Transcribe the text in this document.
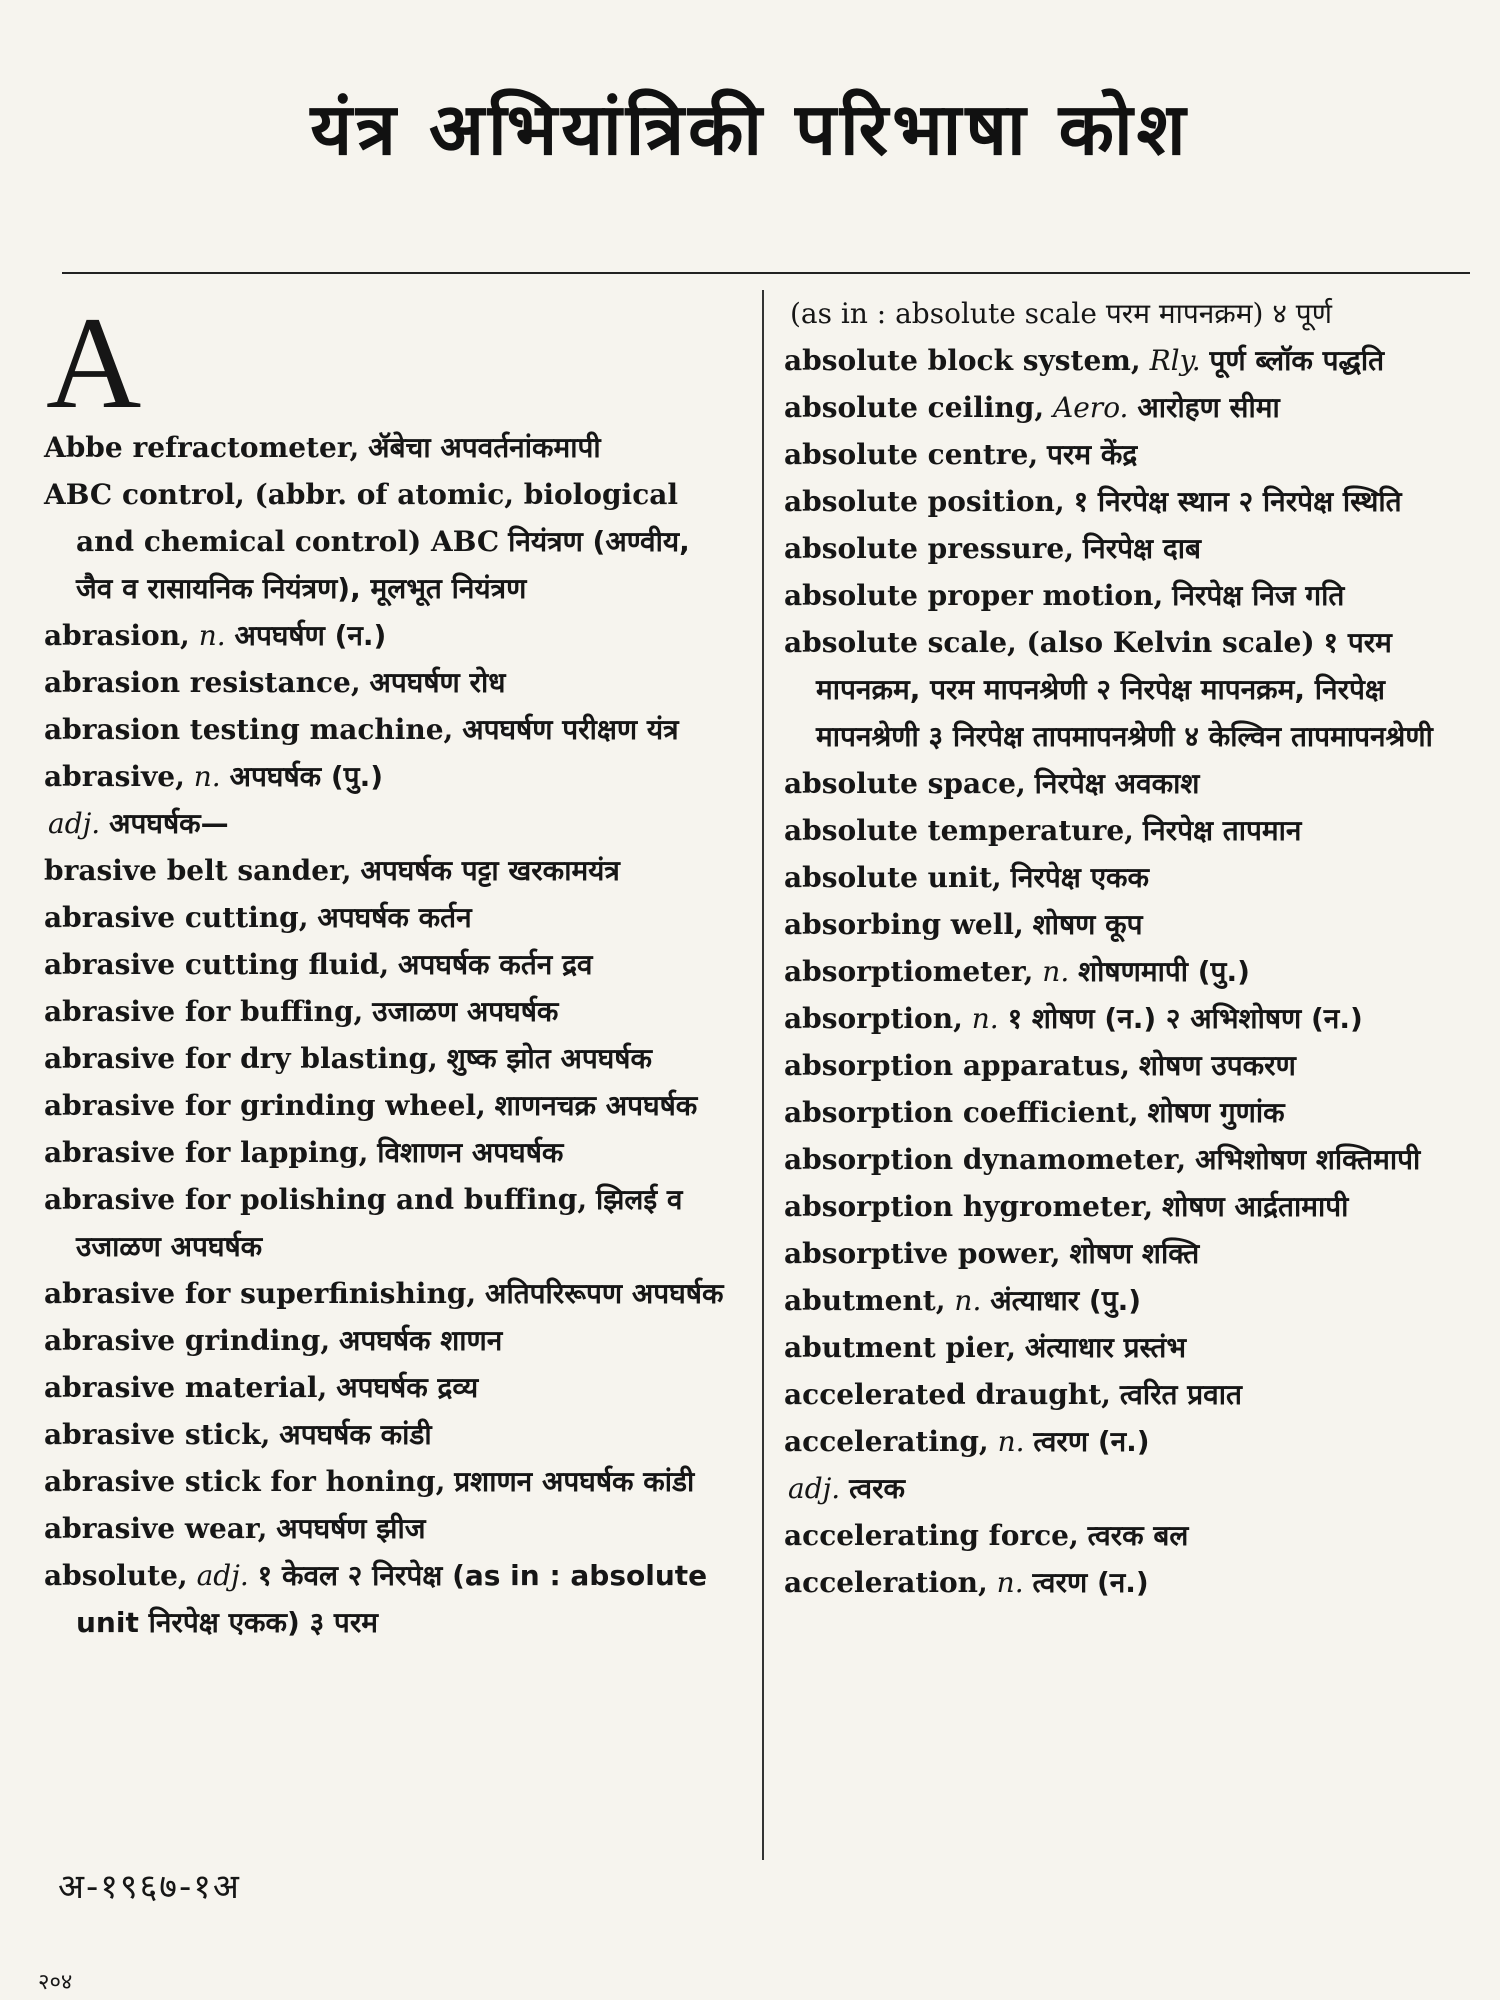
यंत्र अभियांत्रिकी परिभाषा कोश
A
Abbe refractometer, ॲबेचा अपवर्तनांकमापी
ABC control, (abbr. of atomic, biological and chemical control) ABC नियंत्रण (अण्वीय, जैव व रासायनिक नियंत्रण), मूलभूत नियंत्रण
abrasion, n. अपघर्षण (न.)
abrasion resistance, अपघर्षण रोध
abrasion testing machine, अपघर्षण परीक्षण यंत्र
abrasive, n. अपघर्षक (पु.)
adj. अपघर्षक—
brasive belt sander, अपघर्षक पट्टा खरकामयंत्र
abrasive cutting, अपघर्षक कर्तन
abrasive cutting fluid, अपघर्षक कर्तन द्रव
abrasive for buffing, उजाळण अपघर्षक
abrasive for dry blasting, शुष्क झोत अपघर्षक
abrasive for grinding wheel, शाणनचक्र अपघर्षक
abrasive for lapping, विशाणन अपघर्षक
abrasive for polishing and buffing, झिलई व उजाळण अपघर्षक
abrasive for superfinishing, अतिपरिरूपण अपघर्षक
abrasive grinding, अपघर्षक शाणन
abrasive material, अपघर्षक द्रव्य
abrasive stick, अपघर्षक कांडी
abrasive stick for honing, प्रशाणन अपघर्षक कांडी
abrasive wear, अपघर्षण झीज
absolute, adj. १ केवल २ निरपेक्ष (as in : absolute unit निरपेक्ष एकक) ३ परम
(as in : absolute scale परम मापनक्रम) ४ पूर्ण
absolute block system, Rly. पूर्ण ब्लॉक पद्धति
absolute ceiling, Aero. आरोहण सीमा
absolute centre, परम केंद्र
absolute position, १ निरपेक्ष स्थान २ निरपेक्ष स्थिति
absolute pressure, निरपेक्ष दाब
absolute proper motion, निरपेक्ष निज गति
absolute scale, (also Kelvin scale) १ परम मापनक्रम, परम मापनश्रेणी २ निरपेक्ष मापनक्रम, निरपेक्ष मापनश्रेणी ३ निरपेक्ष तापमापनश्रेणी ४ केल्विन तापमापनश्रेणी
absolute space, निरपेक्ष अवकाश
absolute temperature, निरपेक्ष तापमान
absolute unit, निरपेक्ष एकक
absorbing well, शोषण कूप
absorptiometer, n. शोषणमापी (पु.)
absorption, n. १ शोषण (न.) २ अभिशोषण (न.)
absorption apparatus, शोषण उपकरण
absorption coefficient, शोषण गुणांक
absorption dynamometer, अभिशोषण शक्तिमापी
absorption hygrometer, शोषण आर्द्रतामापी
absorptive power, शोषण शक्ति
abutment, n. अंत्याधार (पु.)
abutment pier, अंत्याधार प्रस्तंभ
accelerated draught, त्वरित प्रवात
accelerating, n. त्वरण (न.)
adj. त्वरक
accelerating force, त्वरक बल
acceleration, n. त्वरण (न.)
अ-१९६७-१अ
२०४
